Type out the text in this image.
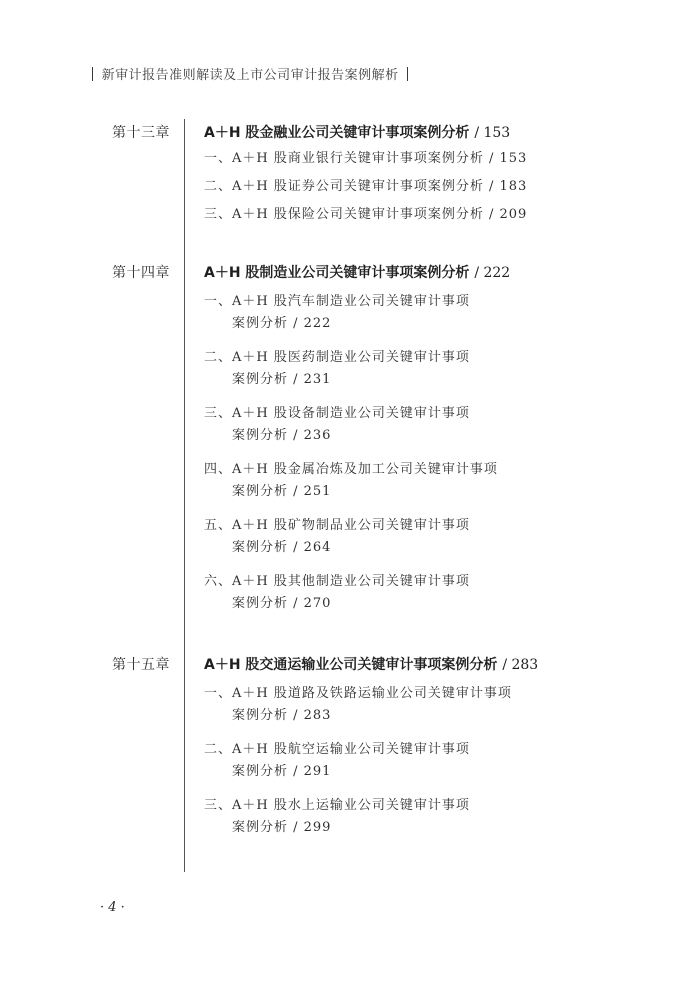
新审计报告准则解读及上市公司审计报告案例解析
第十三章 A＋H 股金融业公司关键审计事项案例分析 / 153
一、A＋H 股商业银行关键审计事项案例分析 / 153
二、A＋H 股证券公司关键审计事项案例分析 / 183
三、A＋H 股保险公司关键审计事项案例分析 / 209
第十四章 A＋H 股制造业公司关键审计事项案例分析 / 222
一、A＋H 股汽车制造业公司关键审计事项
案例分析 / 222
二、A＋H 股医药制造业公司关键审计事项
案例分析 / 231
三、A＋H 股设备制造业公司关键审计事项
案例分析 / 236
四、A＋H 股金属冶炼及加工公司关键审计事项
案例分析 / 251
五、A＋H 股矿物制品业公司关键审计事项
案例分析 / 264
六、A＋H 股其他制造业公司关键审计事项
案例分析 / 270
第十五章 A＋H 股交通运输业公司关键审计事项案例分析 / 283
一、A＋H 股道路及铁路运输业公司关键审计事项
案例分析 / 283
二、A＋H 股航空运输业公司关键审计事项
案例分析 / 291
三、A＋H 股水上运输业公司关键审计事项
案例分析 / 299
· 4 ·
